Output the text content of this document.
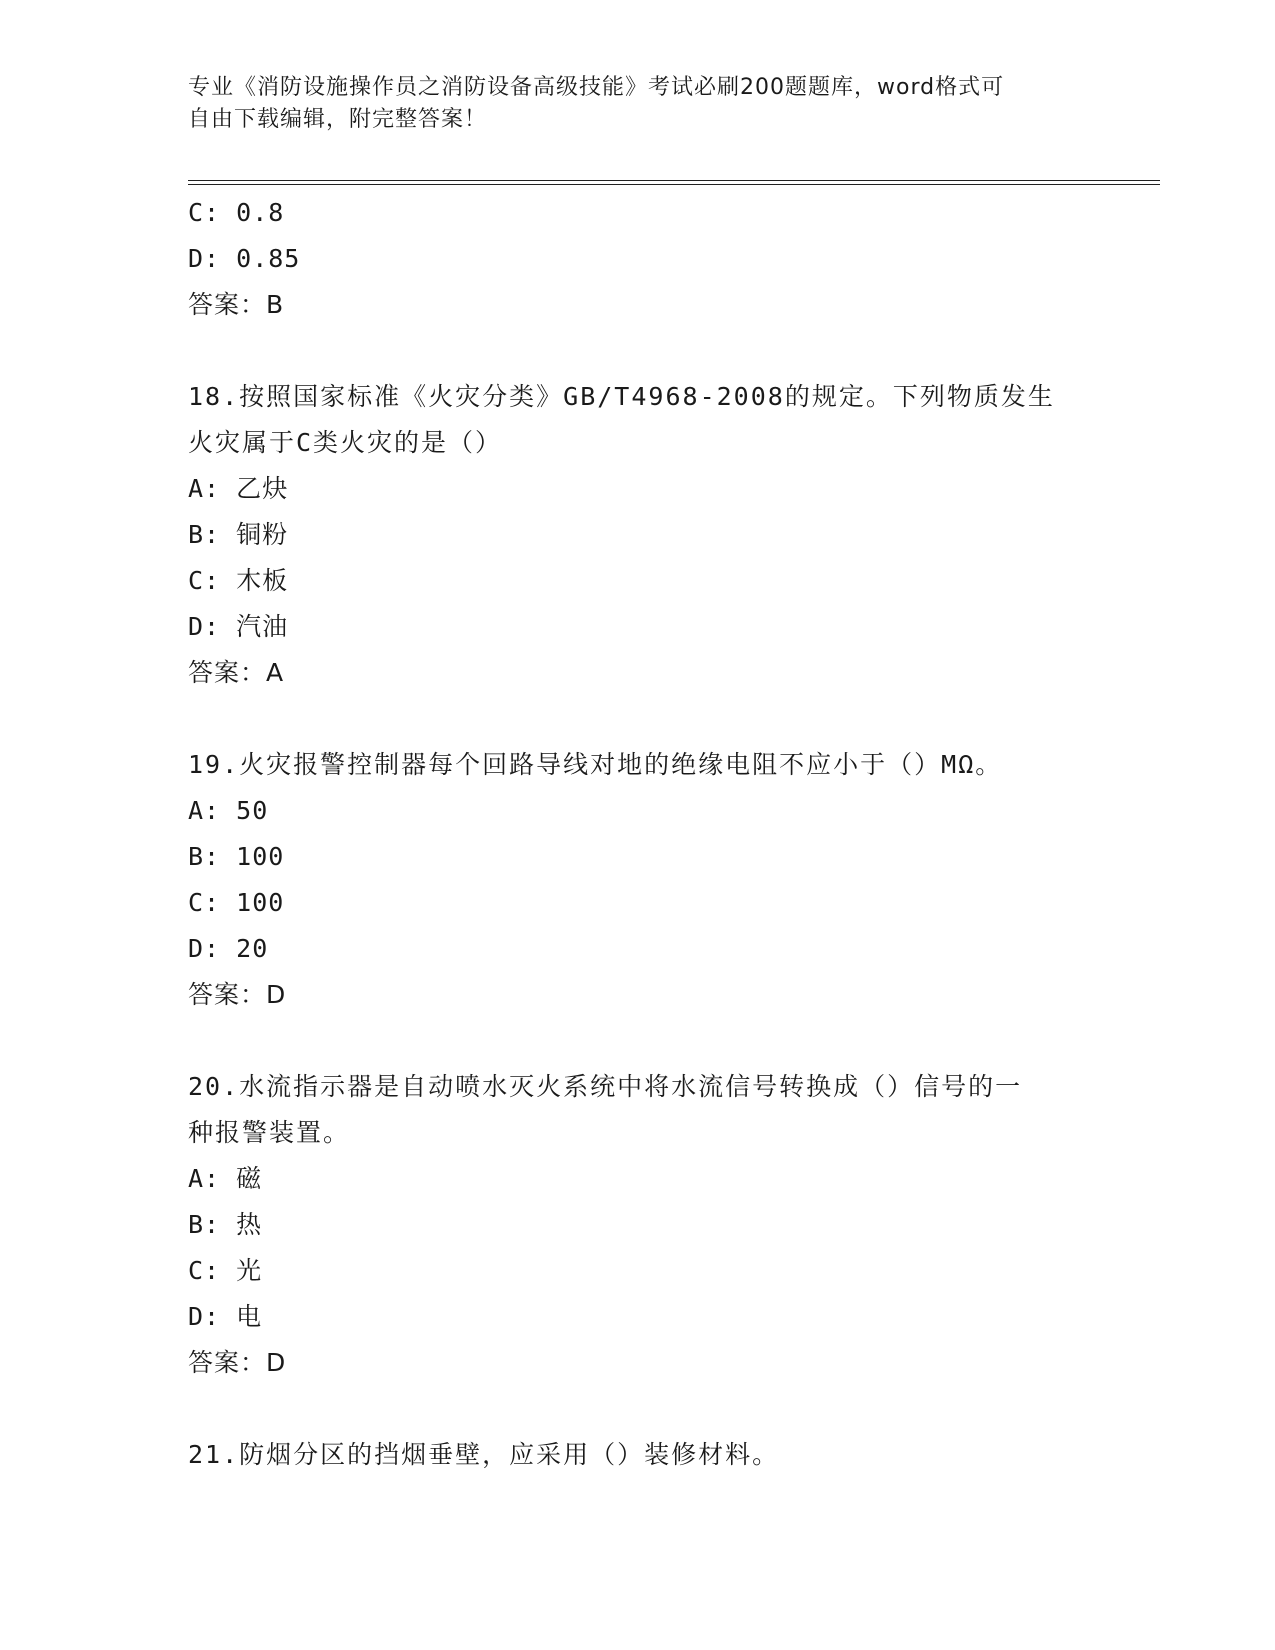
专业《消防设施操作员之消防设备高级技能》考试必刷200题题库，word格式可
自由下载编辑，附完整答案！
C: 0.8
D: 0.85
答案：B
18.按照国家标准《火灾分类》GB/T4968-2008的规定。下列物质发生
火灾属于C类火灾的是（）
A: 乙炔
B: 铜粉
C: 木板
D: 汽油
答案：A
19.火灾报警控制器每个回路导线对地的绝缘电阻不应小于（）MΩ。
A: 50
B: 100
C: 100
D: 20
答案：D
20.水流指示器是自动喷水灭火系统中将水流信号转换成（）信号的一
种报警装置。
A: 磁
B: 热
C: 光
D: 电
答案：D
21.防烟分区的挡烟垂壁，应采用（）装修材料。
